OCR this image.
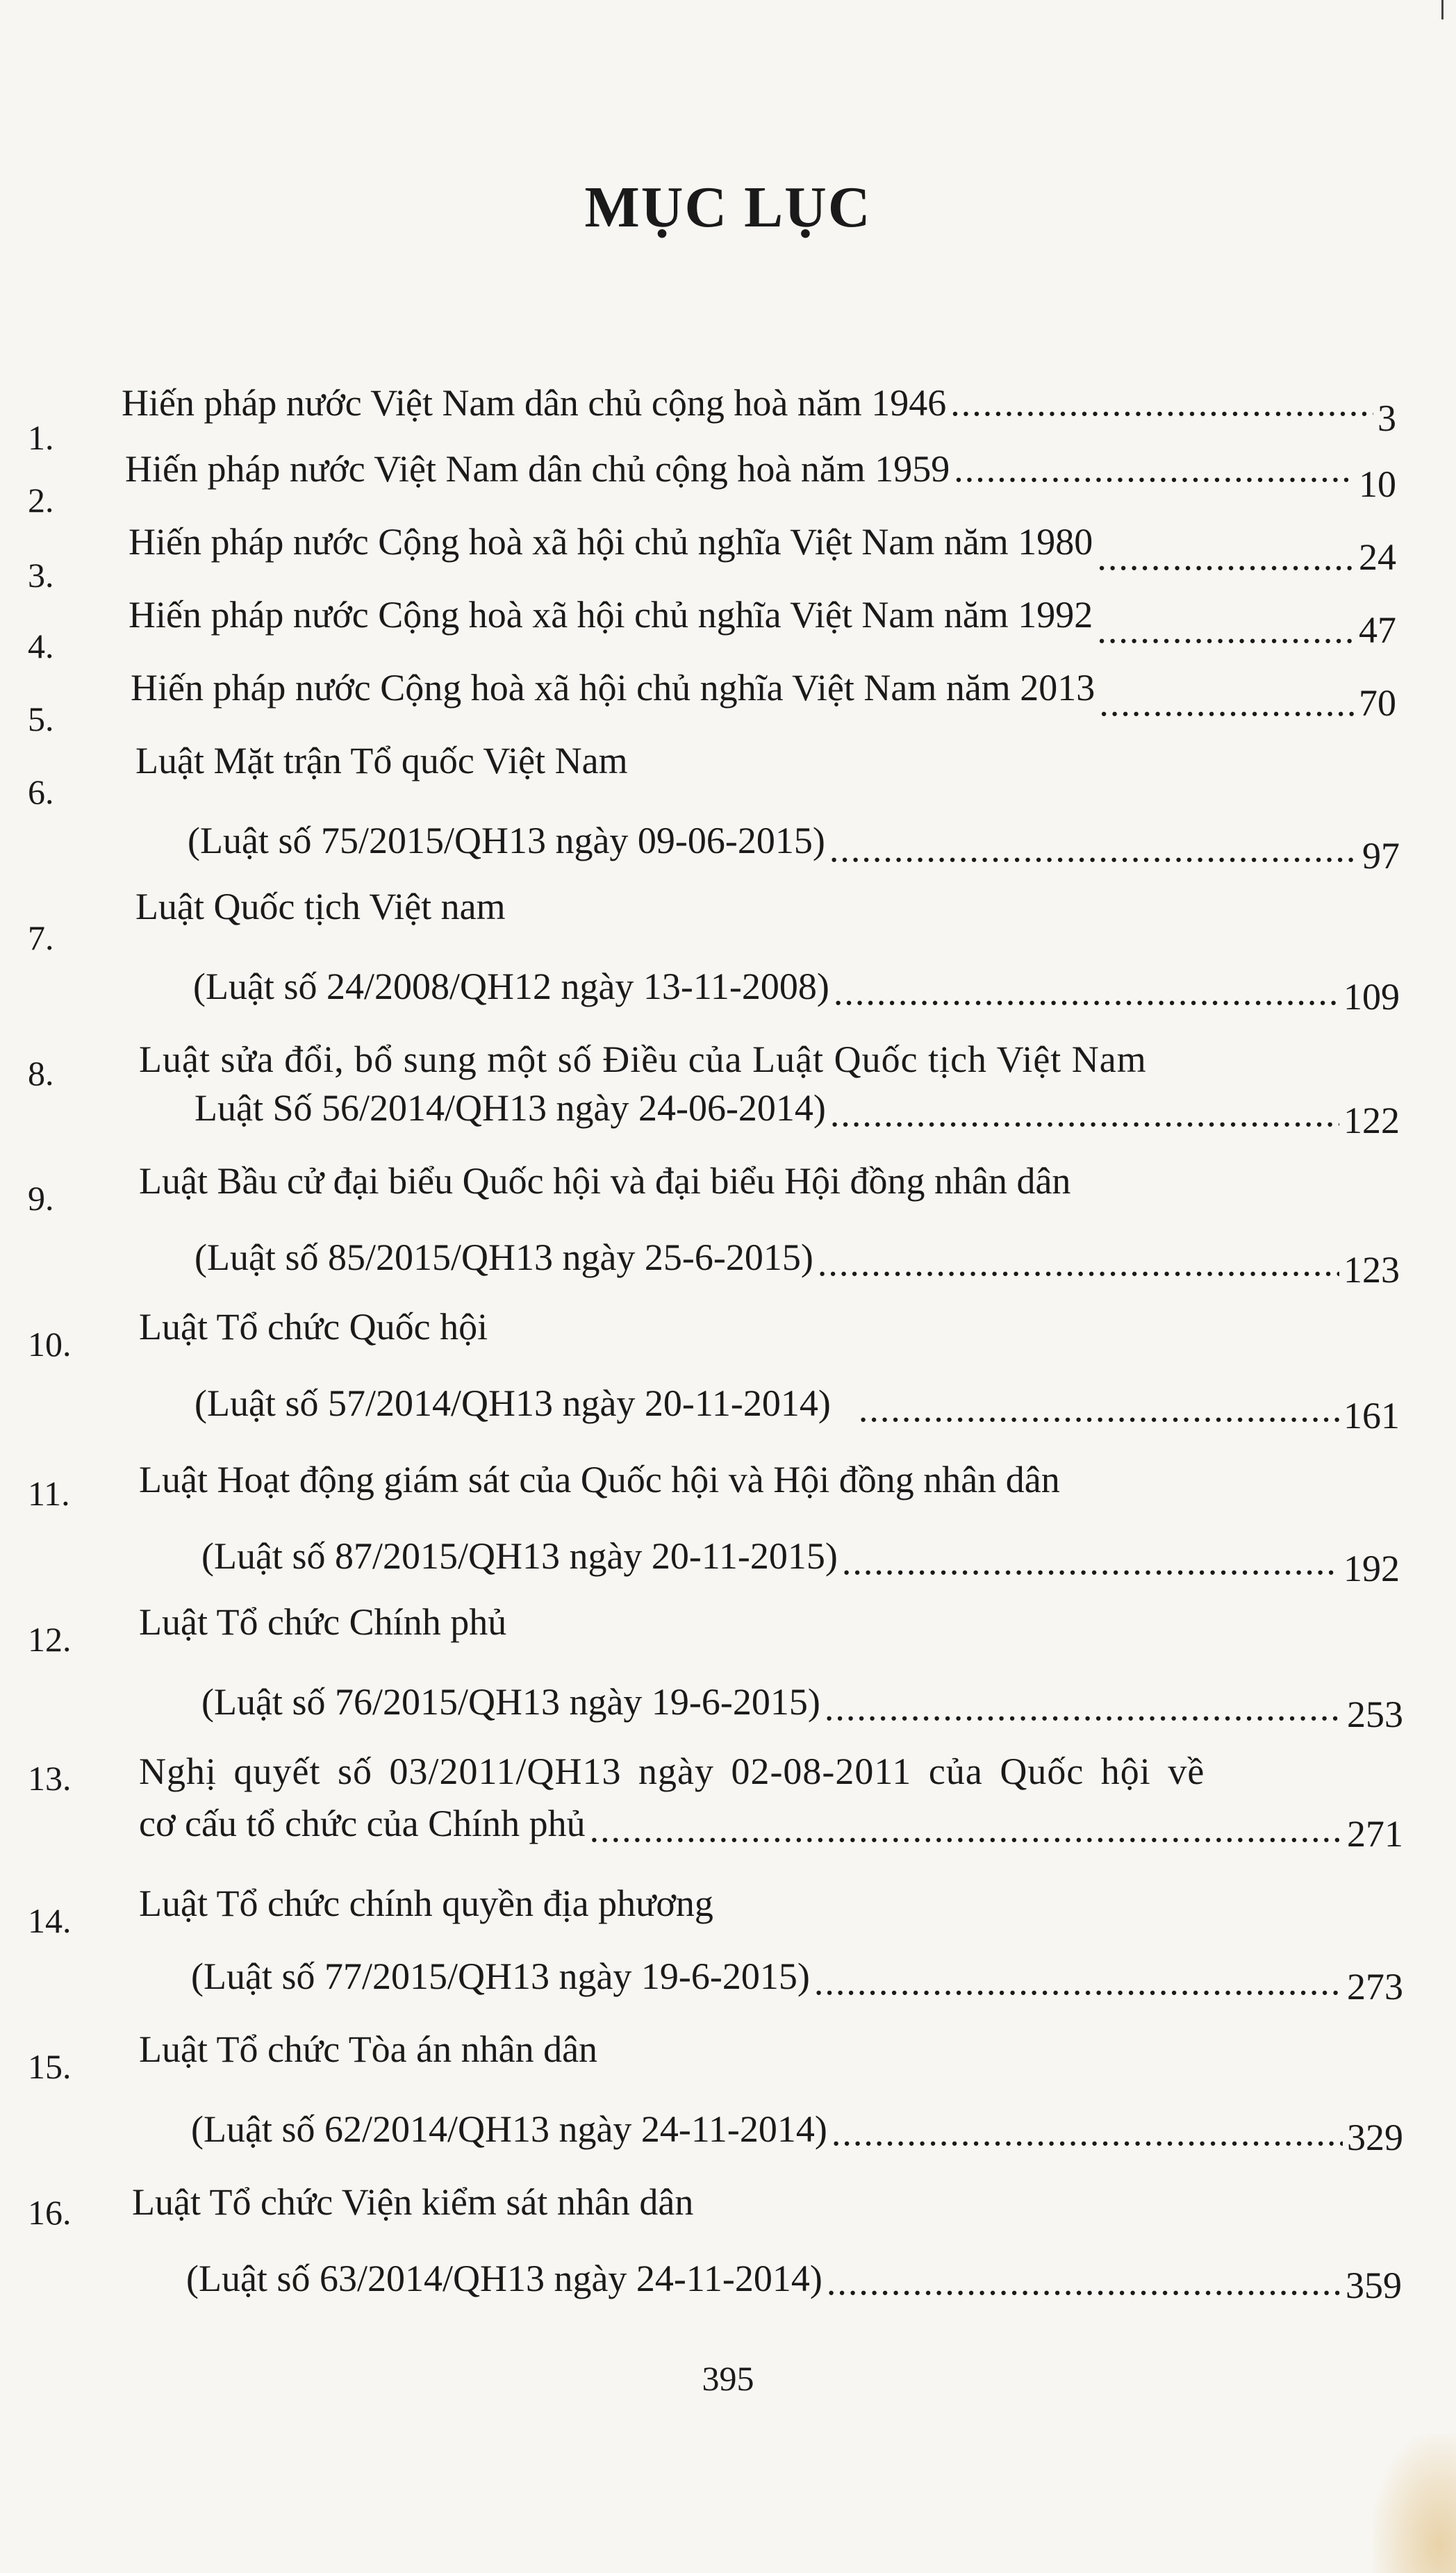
MỤC LỤC
1.
Hiến pháp nước Việt Nam dân chủ cộng hoà năm 1946 .....	3
2.
Hiến pháp nước Việt Nam dân chủ cộng hoà năm 1959 .....	10
3.
Hiến pháp nước Cộng hoà xã hội chủ nghĩa Việt Nam năm 1980 .....	24
4.
Hiến pháp nước Cộng hoà xã hội chủ nghĩa Việt Nam năm 1992 .....	47
5.
Hiến pháp nước Cộng hoà xã hội chủ nghĩa Việt Nam năm 2013 .....	70
6.
Luật Mặt trận Tổ quốc Việt Nam
(Luật số 75/2015/QH13 ngày 09-06-2015) .....	97
7.
Luật Quốc tịch Việt nam
(Luật số 24/2008/QH12 ngày 13-11-2008) .....	109
8.	Luật sửa đổi, bổ sung một số Điều của Luật Quốc tịch Việt Nam
Luật Số 56/2014/QH13 ngày 24-06-2014) .....	122
9.	Luật Bầu cử đại biểu Quốc hội và đại biểu Hội đồng nhân dân
(Luật số 85/2015/QH13 ngày 25-6-2015) .....	123
10.	Luật Tổ chức Quốc hội
(Luật số 57/2014/QH13 ngày 20-11-2014) .....	161
11.	Luật Hoạt động giám sát của Quốc hội và Hội đồng nhân dân
(Luật số 87/2015/QH13 ngày 20-11-2015) .....	192
12.	Luật Tổ chức Chính phủ
(Luật số 76/2015/QH13 ngày 19-6-2015) .....	253
13.	Nghị quyết số 03/2011/QH13 ngày 02-08-2011 của Quốc hội về
cơ cấu tổ chức của Chính phủ .....	271
14.	Luật Tổ chức chính quyền địa phương
(Luật số 77/2015/QH13 ngày 19-6-2015) .....	273
15.	Luật Tổ chức Tòa án nhân dân
(Luật số 62/2014/QH13 ngày 24-11-2014) .....	329
16.	Luật Tổ chức Viện kiểm sát nhân dân
(Luật số 63/2014/QH13 ngày 24-11-2014) .....	359
395
